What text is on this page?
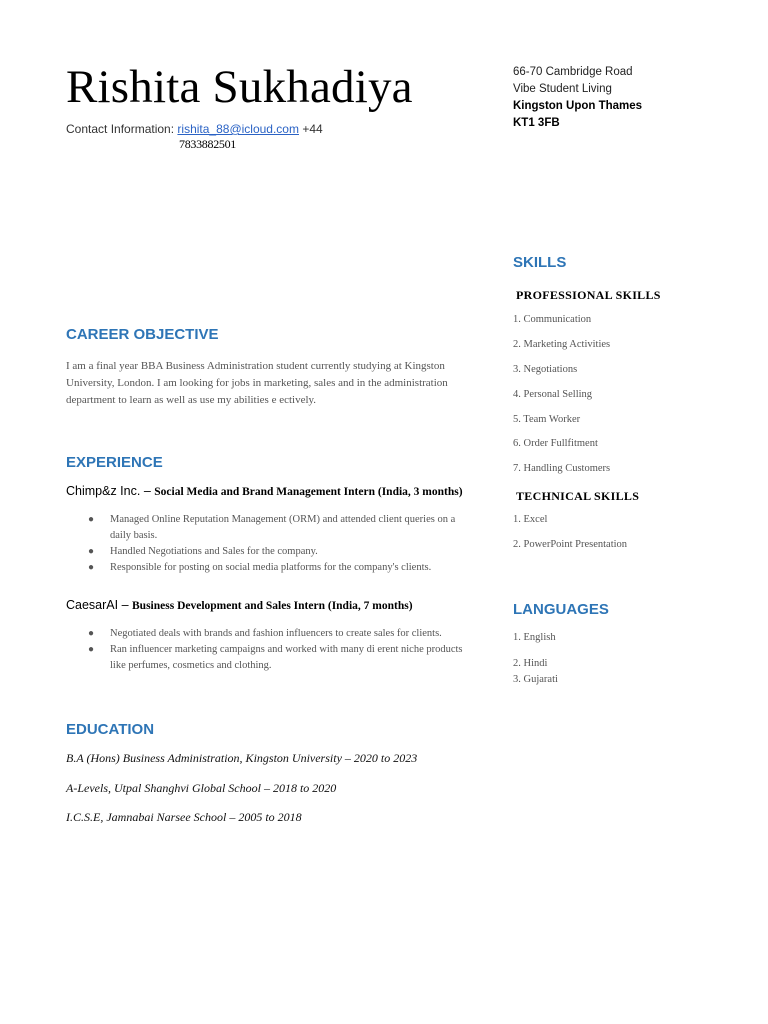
Rishita Sukhadiya
Contact Information: rishita_88@icloud.com +44
7833882501
66-70 Cambridge Road
Vibe Student Living
Kingston Upon Thames
KT1 3FB
CAREER OBJECTIVE
I am a final year BBA Business Administration student currently studying at Kingston University, London. I am looking for jobs in marketing, sales and in the administration department to learn as well as use my abilities e ectively.
EXPERIENCE
Chimp&z Inc. – Social Media and Brand Management Intern (India, 3 months)
● Managed Online Reputation Management (ORM) and attended client queries on a daily basis.
● Handled Negotiations and Sales for the company.
● Responsible for posting on social media platforms for the company's clients.
CaesarAI – Business Development and Sales Intern (India, 7 months)
● Negotiated deals with brands and fashion influencers to create sales for clients.
● Ran influencer marketing campaigns and worked with many di erent niche products like perfumes, cosmetics and clothing.
EDUCATION
B.A (Hons) Business Administration, Kingston University – 2020 to 2023
A-Levels, Utpal Shanghvi Global School – 2018 to 2020
I.C.S.E, Jamnabai Narsee School – 2005 to 2018
SKILLS
PROFESSIONAL SKILLS
1. Communication
2. Marketing Activities
3. Negotiations
4. Personal Selling
5. Team Worker
6. Order Fullfitment
7. Handling Customers
TECHNICAL SKILLS
1. Excel
2. PowerPoint Presentation
LANGUAGES
1. English
2. Hindi
3. Gujarati
